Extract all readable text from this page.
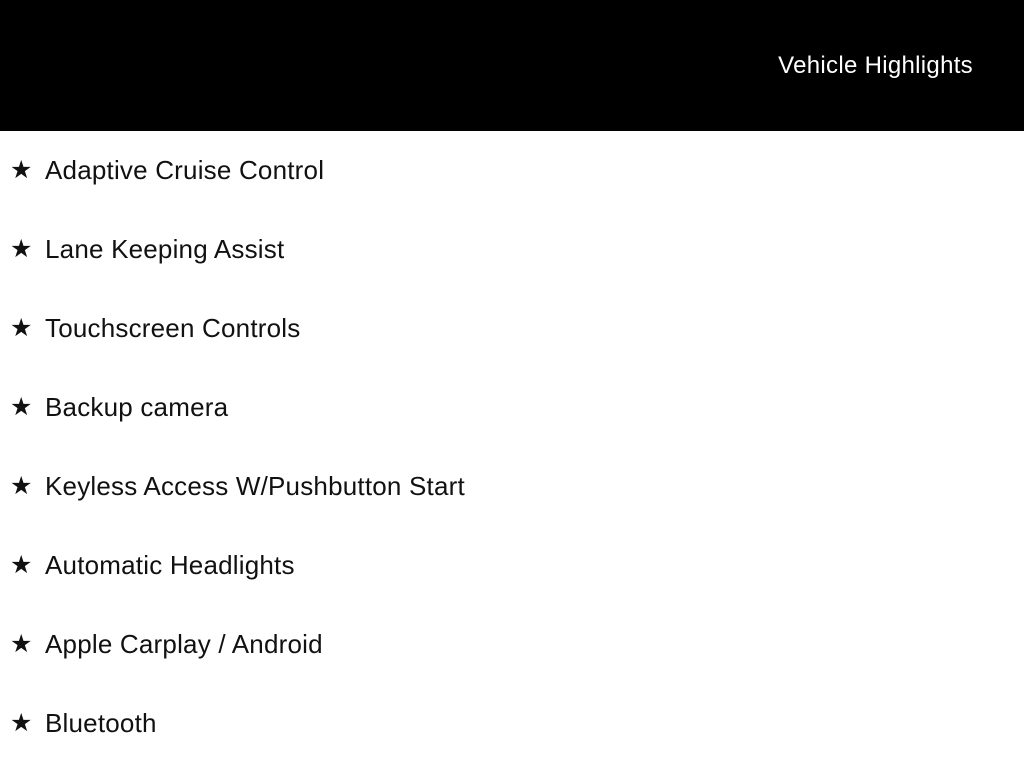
Vehicle Highlights
★ Adaptive Cruise Control
★ Lane Keeping Assist
★ Touchscreen Controls
★ Backup camera
★ Keyless Access W/Pushbutton Start
★ Automatic Headlights
★ Apple Carplay / Android
★ Bluetooth
